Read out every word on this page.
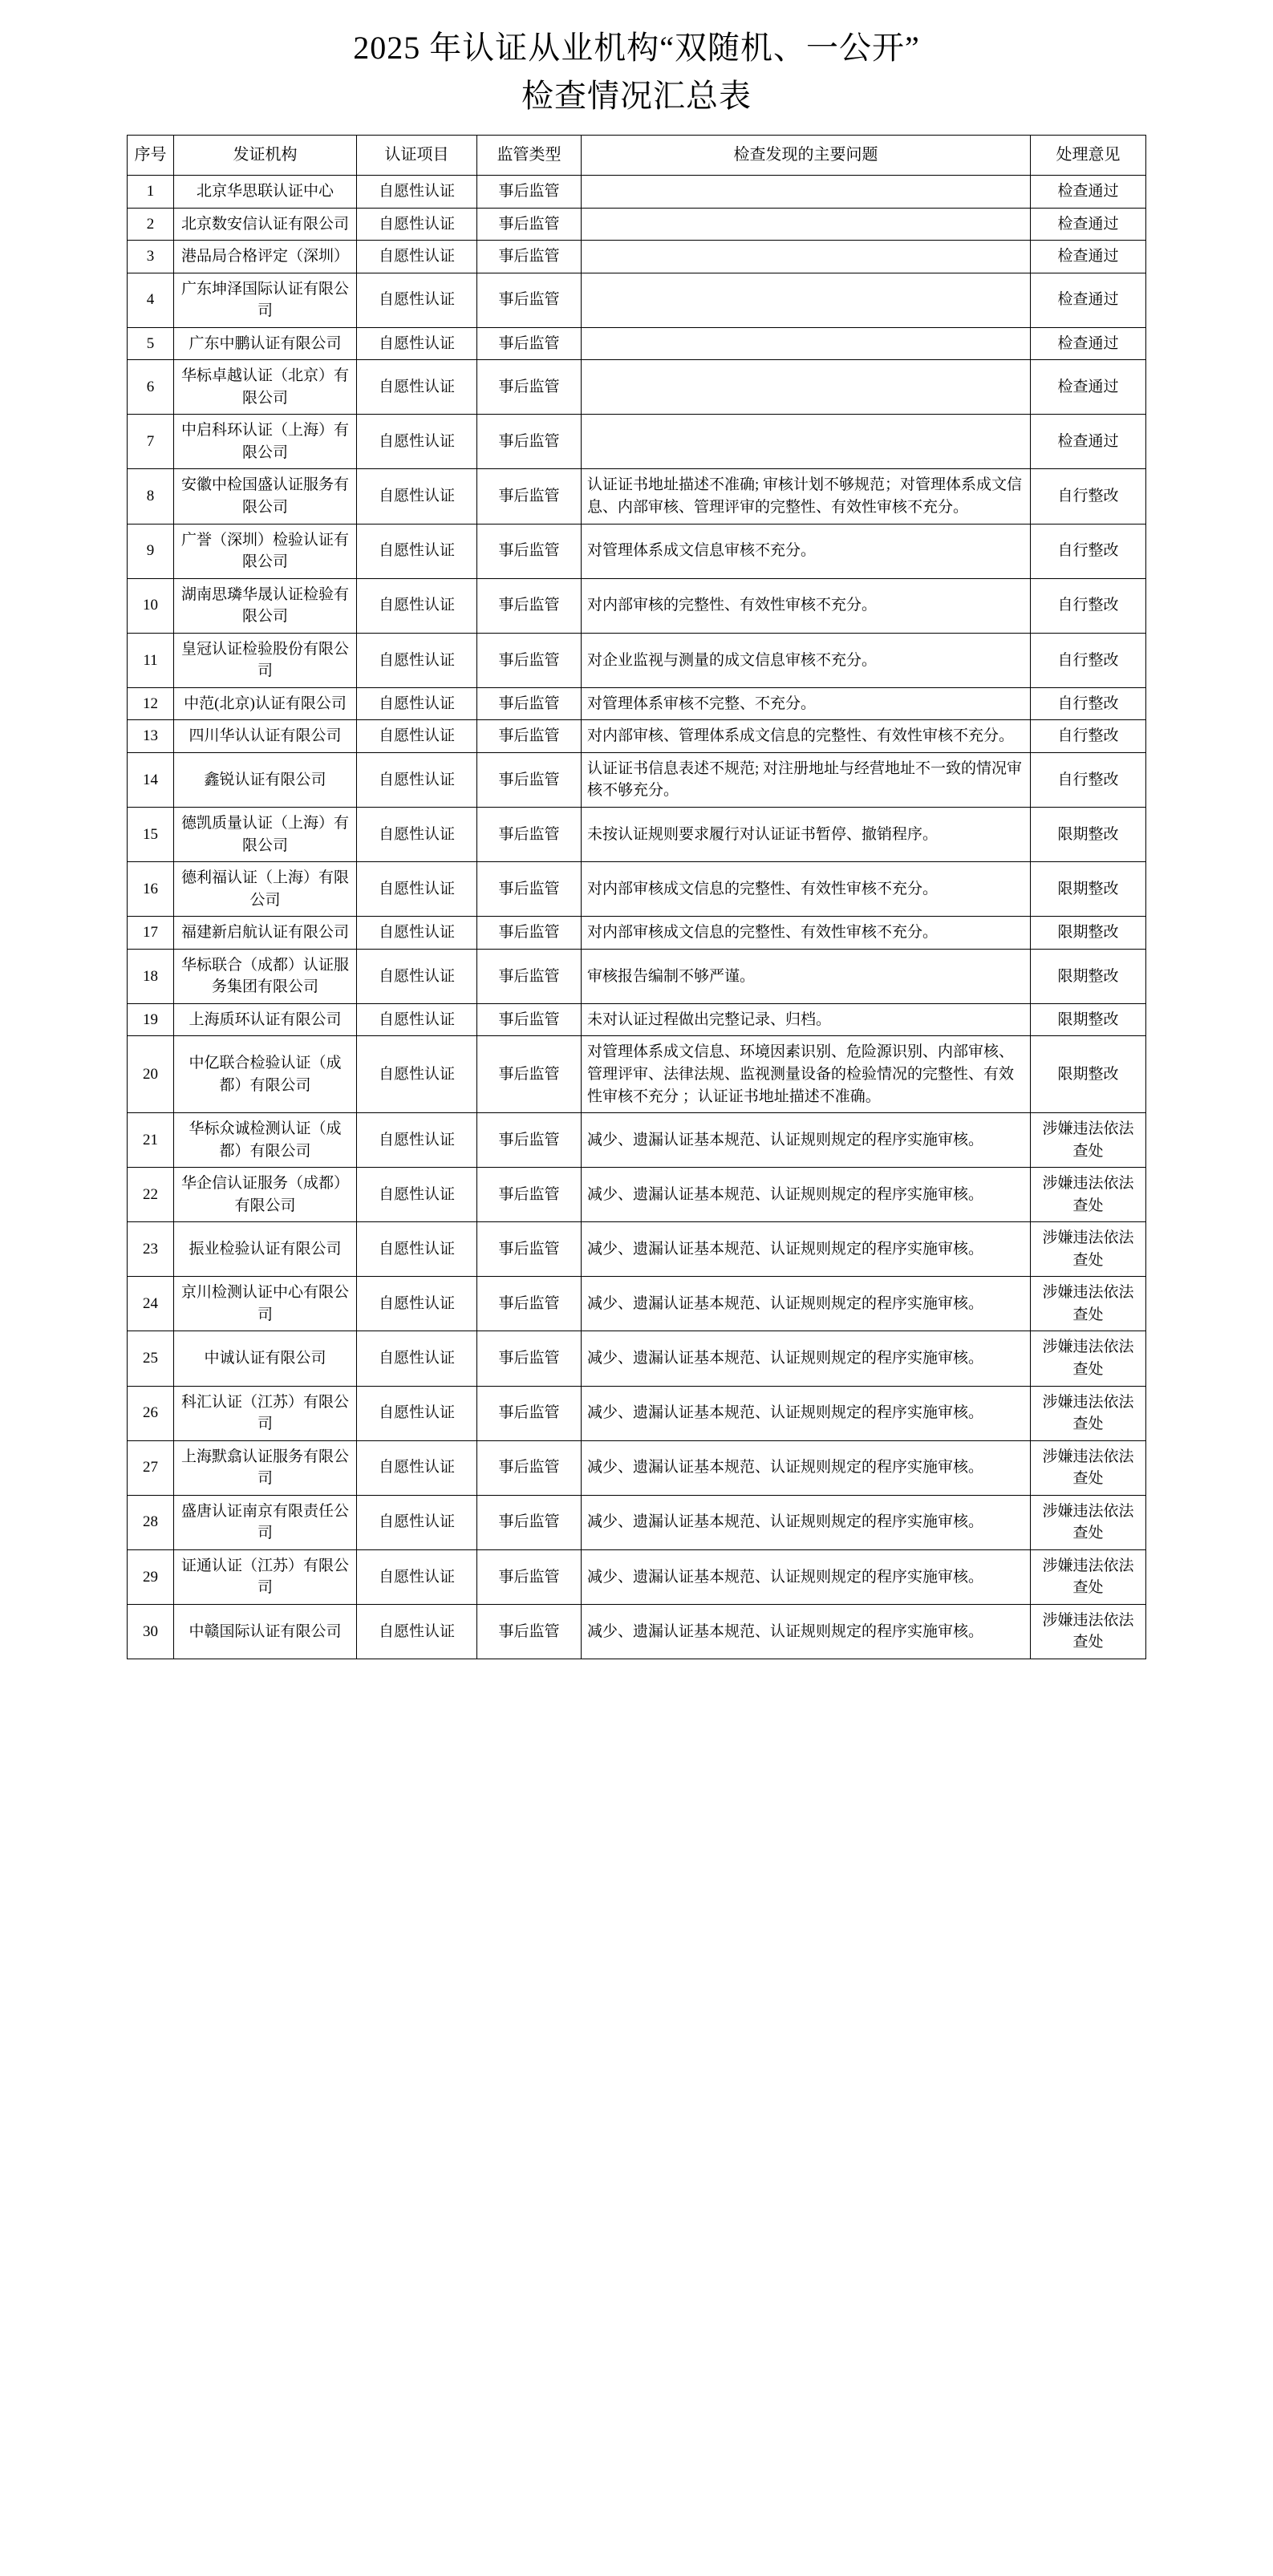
2025 年认证从业机构“双随机、一公开”
检查情况汇总表
序号	发证机构	认证项目	监管类型	检查发现的主要问题	处理意见
1	北京华思联认证中心	自愿性认证	事后监管		检查通过
2	北京数安信认证有限公司	自愿性认证	事后监管		检查通过
3	港品局合格评定（深圳）	自愿性认证	事后监管		检查通过
4	广东坤泽国际认证有限公司	自愿性认证	事后监管		检查通过
5	广东中鹏认证有限公司	自愿性认证	事后监管		检查通过
6	华标卓越认证（北京）有限公司	自愿性认证	事后监管		检查通过
7	中启科环认证（上海）有限公司	自愿性认证	事后监管		检查通过
8	安徽中检国盛认证服务有限公司	自愿性认证	事后监管	认证证书地址描述不准确; 审核计划不够规范；对管理体系成文信息、内部审核、管理评审的完整性、有效性审核不充分。	自行整改
9	广誉（深圳）检验认证有限公司	自愿性认证	事后监管	对管理体系成文信息审核不充分。	自行整改
10	湖南思璘华晟认证检验有限公司	自愿性认证	事后监管	对内部审核的完整性、有效性审核不充分。	自行整改
11	皇冠认证检验股份有限公司	自愿性认证	事后监管	对企业监视与测量的成文信息审核不充分。	自行整改
12	中范(北京)认证有限公司	自愿性认证	事后监管	对管理体系审核不完整、不充分。	自行整改
13	四川华认认证有限公司	自愿性认证	事后监管	对内部审核、管理体系成文信息的完整性、有效性审核不充分。	自行整改
14	鑫锐认证有限公司	自愿性认证	事后监管	认证证书信息表述不规范; 对注册地址与经营地址不一致的情况审核不够充分。	自行整改
15	德凯质量认证（上海）有限公司	自愿性认证	事后监管	未按认证规则要求履行对认证证书暂停、撤销程序。	限期整改
16	德利福认证（上海）有限公司	自愿性认证	事后监管	对内部审核成文信息的完整性、有效性审核不充分。	限期整改
17	福建新启航认证有限公司	自愿性认证	事后监管	对内部审核成文信息的完整性、有效性审核不充分。	限期整改
18	华标联合（成都）认证服务集团有限公司	自愿性认证	事后监管	审核报告编制不够严谨。	限期整改
19	上海质环认证有限公司	自愿性认证	事后监管	未对认证过程做出完整记录、归档。	限期整改
20	中亿联合检验认证（成都）有限公司	自愿性认证	事后监管	对管理体系成文信息、环境因素识别、危险源识别、内部审核、管理评审、法律法规、监视测量设备的检验情况的完整性、有效性审核不充分 ；认证证书地址描述不准确。	限期整改
21	华标众诚检测认证（成都）有限公司	自愿性认证	事后监管	减少、遗漏认证基本规范、认证规则规定的程序实施审核。	涉嫌违法依法查处
22	华企信认证服务（成都）有限公司	自愿性认证	事后监管	减少、遗漏认证基本规范、认证规则规定的程序实施审核。	涉嫌违法依法查处
23	振业检验认证有限公司	自愿性认证	事后监管	减少、遗漏认证基本规范、认证规则规定的程序实施审核。	涉嫌违法依法查处
24	京川检测认证中心有限公司	自愿性认证	事后监管	减少、遗漏认证基本规范、认证规则规定的程序实施审核。	涉嫌违法依法查处
25	中诚认证有限公司	自愿性认证	事后监管	减少、遗漏认证基本规范、认证规则规定的程序实施审核。	涉嫌违法依法查处
26	科汇认证（江苏）有限公司	自愿性认证	事后监管	减少、遗漏认证基本规范、认证规则规定的程序实施审核。	涉嫌违法依法查处
27	上海默翕认证服务有限公司	自愿性认证	事后监管	减少、遗漏认证基本规范、认证规则规定的程序实施审核。	涉嫌违法依法查处
28	盛唐认证南京有限责任公司	自愿性认证	事后监管	减少、遗漏认证基本规范、认证规则规定的程序实施审核。	涉嫌违法依法查处
29	证通认证（江苏）有限公司	自愿性认证	事后监管	减少、遗漏认证基本规范、认证规则规定的程序实施审核。	涉嫌违法依法查处
30	中赣国际认证有限公司	自愿性认证	事后监管	减少、遗漏认证基本规范、认证规则规定的程序实施审核。	涉嫌违法依法查处
